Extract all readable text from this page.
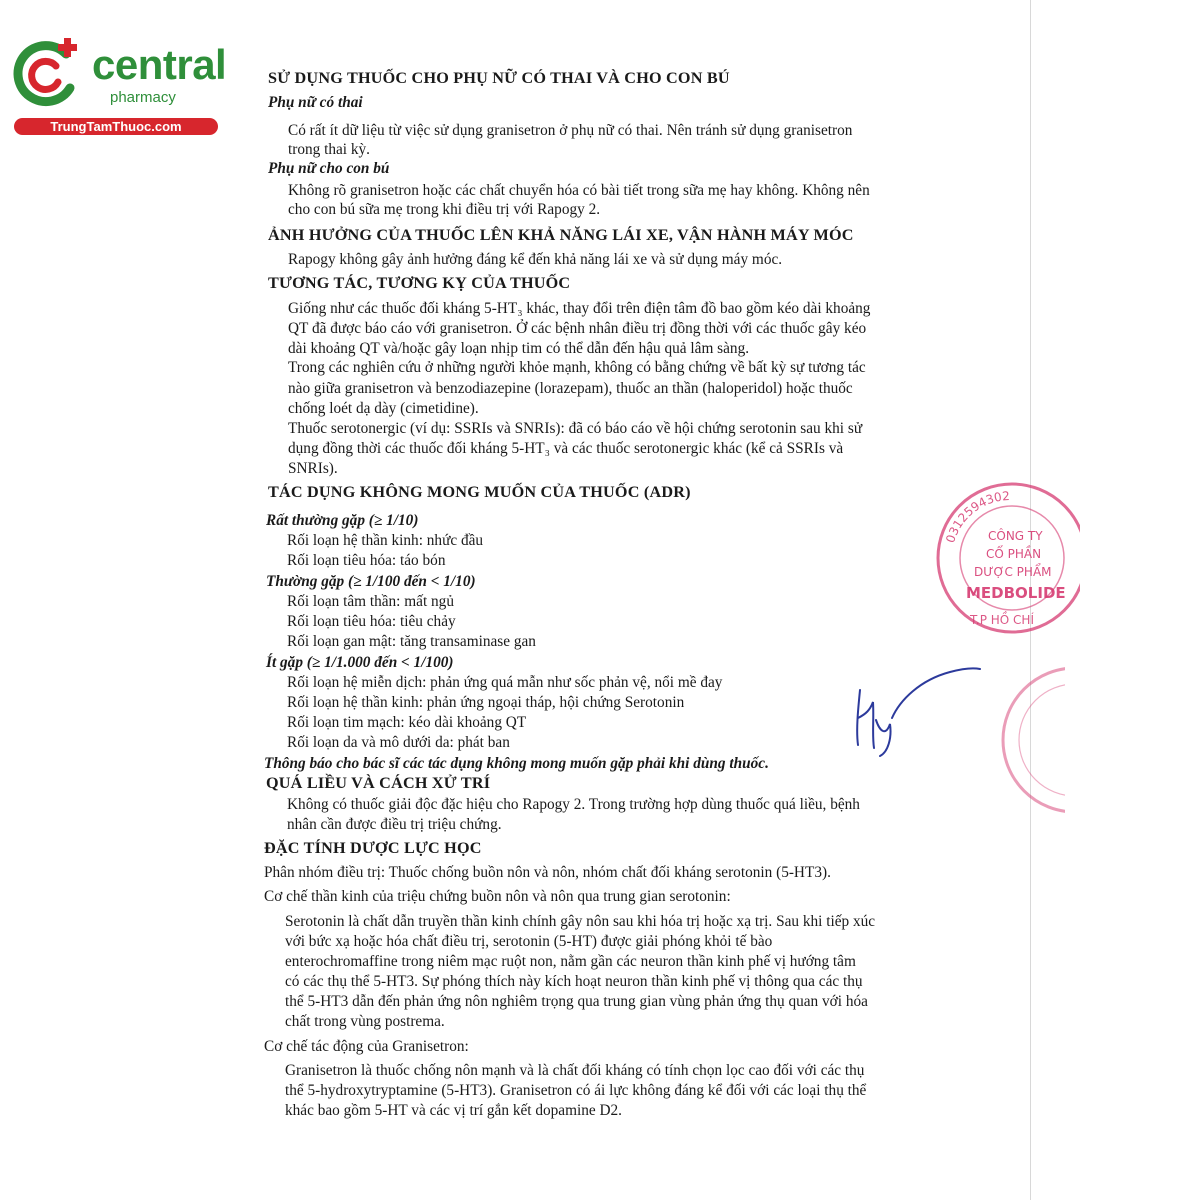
central
pharmacy
TrungTamThuoc.com
SỬ DỤNG THUỐC CHO PHỤ NỮ CÓ THAI VÀ CHO CON BÚ
Phụ nữ có thai
Có rất ít dữ liệu từ việc sử dụng granisetron ở phụ nữ có thai. Nên tránh sử dụng granisetron
trong thai kỳ.
Phụ nữ cho con bú
Không rõ granisetron hoặc các chất chuyển hóa có bài tiết trong sữa mẹ hay không. Không nên
cho con bú sữa mẹ trong khi điều trị với Rapogy 2.
ẢNH HƯỞNG CỦA THUỐC LÊN KHẢ NĂNG LÁI XE, VẬN HÀNH MÁY MÓC
Rapogy không gây ảnh hưởng đáng kể đến khả năng lái xe và sử dụng máy móc.
TƯƠNG TÁC, TƯƠNG KỴ CỦA THUỐC
Giống như các thuốc đối kháng 5-HT₃ khác, thay đổi trên điện tâm đồ bao gồm kéo dài khoảng
QT đã được báo cáo với granisetron. Ở các bệnh nhân điều trị đồng thời với các thuốc gây kéo
dài khoảng QT và/hoặc gây loạn nhịp tim có thể dẫn đến hậu quả lâm sàng.
Trong các nghiên cứu ở những người khỏe mạnh, không có bằng chứng về bất kỳ sự tương tác
nào giữa granisetron và benzodiazepine (lorazepam), thuốc an thần (haloperidol) hoặc thuốc
chống loét dạ dày (cimetidine).
Thuốc serotonergic (ví dụ: SSRIs và SNRIs): đã có báo cáo về hội chứng serotonin sau khi sử
dụng đồng thời các thuốc đối kháng 5-HT₃ và các thuốc serotonergic khác (kể cả SSRIs và
SNRIs).
TÁC DỤNG KHÔNG MONG MUỐN CỦA THUỐC (ADR)
Rất thường gặp (≥ 1/10)
Rối loạn hệ thần kinh: nhức đầu
Rối loạn tiêu hóa: táo bón
Thường gặp (≥ 1/100 đến < 1/10)
Rối loạn tâm thần: mất ngủ
Rối loạn tiêu hóa: tiêu chảy
Rối loạn gan mật: tăng transaminase gan
Ít gặp (≥ 1/1.000 đến < 1/100)
Rối loạn hệ miễn dịch: phản ứng quá mẫn như sốc phản vệ, nổi mề đay
Rối loạn hệ thần kinh: phản ứng ngoại tháp, hội chứng Serotonin
Rối loạn tim mạch: kéo dài khoảng QT
Rối loạn da và mô dưới da: phát ban
Thông báo cho bác sĩ các tác dụng không mong muốn gặp phải khi dùng thuốc.
QUÁ LIỀU VÀ CÁCH XỬ TRÍ
Không có thuốc giải độc đặc hiệu cho Rapogy 2. Trong trường hợp dùng thuốc quá liều, bệnh
nhân cần được điều trị triệu chứng.
ĐẶC TÍNH DƯỢC LỰC HỌC
Phân nhóm điều trị: Thuốc chống buồn nôn và nôn, nhóm chất đối kháng serotonin (5-HT3).
Cơ chế thần kinh của triệu chứng buồn nôn và nôn qua trung gian serotonin:
Serotonin là chất dẫn truyền thần kinh chính gây nôn sau khi hóa trị hoặc xạ trị. Sau khi tiếp xúc
với bức xạ hoặc hóa chất điều trị, serotonin (5-HT) được giải phóng khỏi tế bào
enterochromaffine trong niêm mạc ruột non, nằm gần các neuron thần kinh phế vị hướng tâm
có các thụ thể 5-HT3. Sự phóng thích này kích hoạt neuron thần kinh phế vị thông qua các thụ
thể 5-HT3 dẫn đến phản ứng nôn nghiêm trọng qua trung gian vùng phản ứng thụ quan với hóa
chất trong vùng postrema.
Cơ chế tác động của Granisetron:
Granisetron là thuốc chống nôn mạnh và là chất đối kháng có tính chọn lọc cao đối với các thụ
thể 5-hydroxytryptamine (5-HT3). Granisetron có ái lực không đáng kể đối với các loại thụ thể
khác bao gồm 5-HT và các vị trí gắn kết dopamine D2.
0312594302
CÔNG TY
CỔ PHẦN
DƯỢC PHẨM
MEDBOLIDE
T.P HỒ CHÍ
Huy
